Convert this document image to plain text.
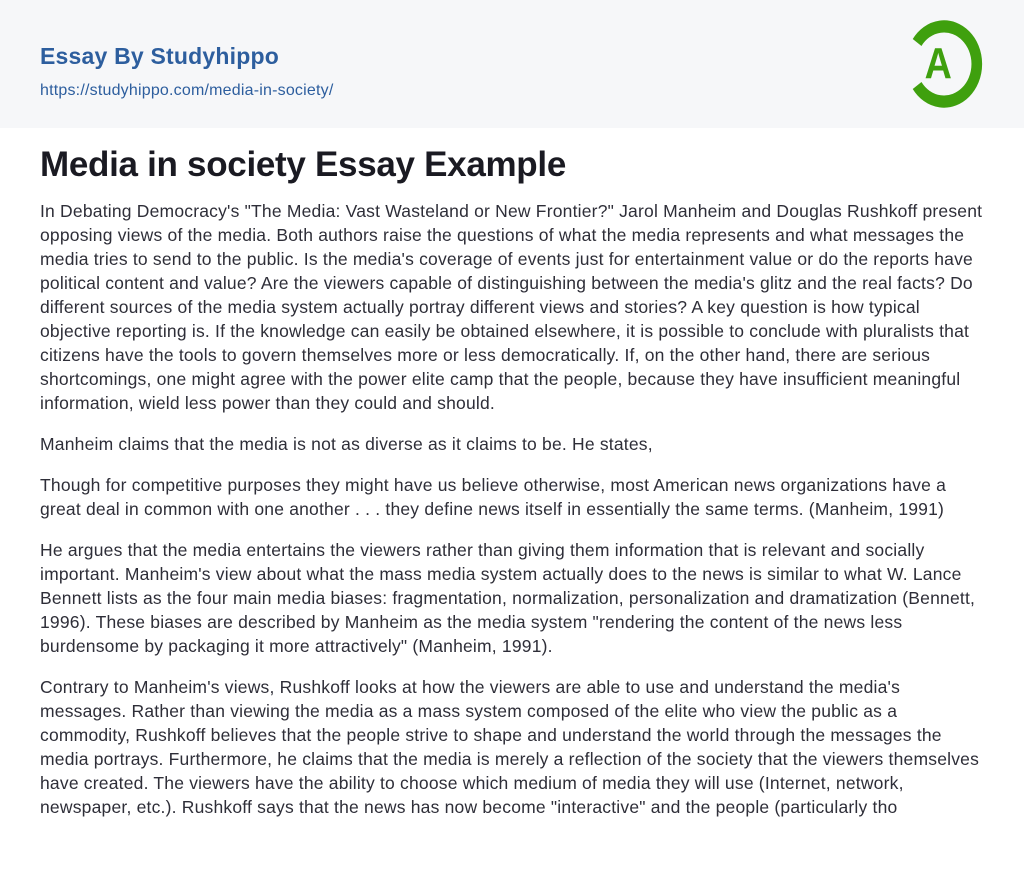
Essay By Studyhippo
https://studyhippo.com/media-in-society/
A
Media in society Essay Example

In Debating Democracy's "The Media: Vast Wasteland or New Frontier?" Jarol Manheim and Douglas Rushkoff present opposing views of the media. Both authors raise the questions of what the media represents and what messages the media tries to send to the public. Is the media's coverage of events just for entertainment value or do the reports have political content and value? Are the viewers capable of distinguishing between the media's glitz and the real facts? Do different sources of the media system actually portray different views and stories? A key question is how typical objective reporting is. If the knowledge can easily be obtained elsewhere, it is possible to conclude with pluralists that citizens have the tools to govern themselves more or less democratically. If, on the other hand, there are serious shortcomings, one might agree with the power elite camp that the people, because they have insufficient meaningful information, wield less power than they could and should.

Manheim claims that the media is not as diverse as it claims to be. He states,

Though for competitive purposes they might have us believe otherwise, most American news organizations have a great deal in common with one another . . . they define news itself in essentially the same terms. (Manheim, 1991)

He argues that the media entertains the viewers rather than giving them information that is relevant and socially important. Manheim's view about what the mass media system actually does to the news is similar to what W. Lance Bennett lists as the four main media biases: fragmentation, normalization, personalization and dramatization (Bennett, 1996). These biases are described by Manheim as the media system "rendering the content of the news less burdensome by packaging it more attractively" (Manheim, 1991).

Contrary to Manheim's views, Rushkoff looks at how the viewers are able to use and understand the media's messages. Rather than viewing the media as a mass system composed of the elite who view the public as a commodity, Rushkoff believes that the people strive to shape and understand the world through the messages the media portrays. Furthermore, he claims that the media is merely a reflection of the society that the viewers themselves have created. The viewers have the ability to choose which medium of media they will use (Internet, network, newspaper, etc.). Rushkoff says that the news has now become "interactive" and the people (particularly tho
